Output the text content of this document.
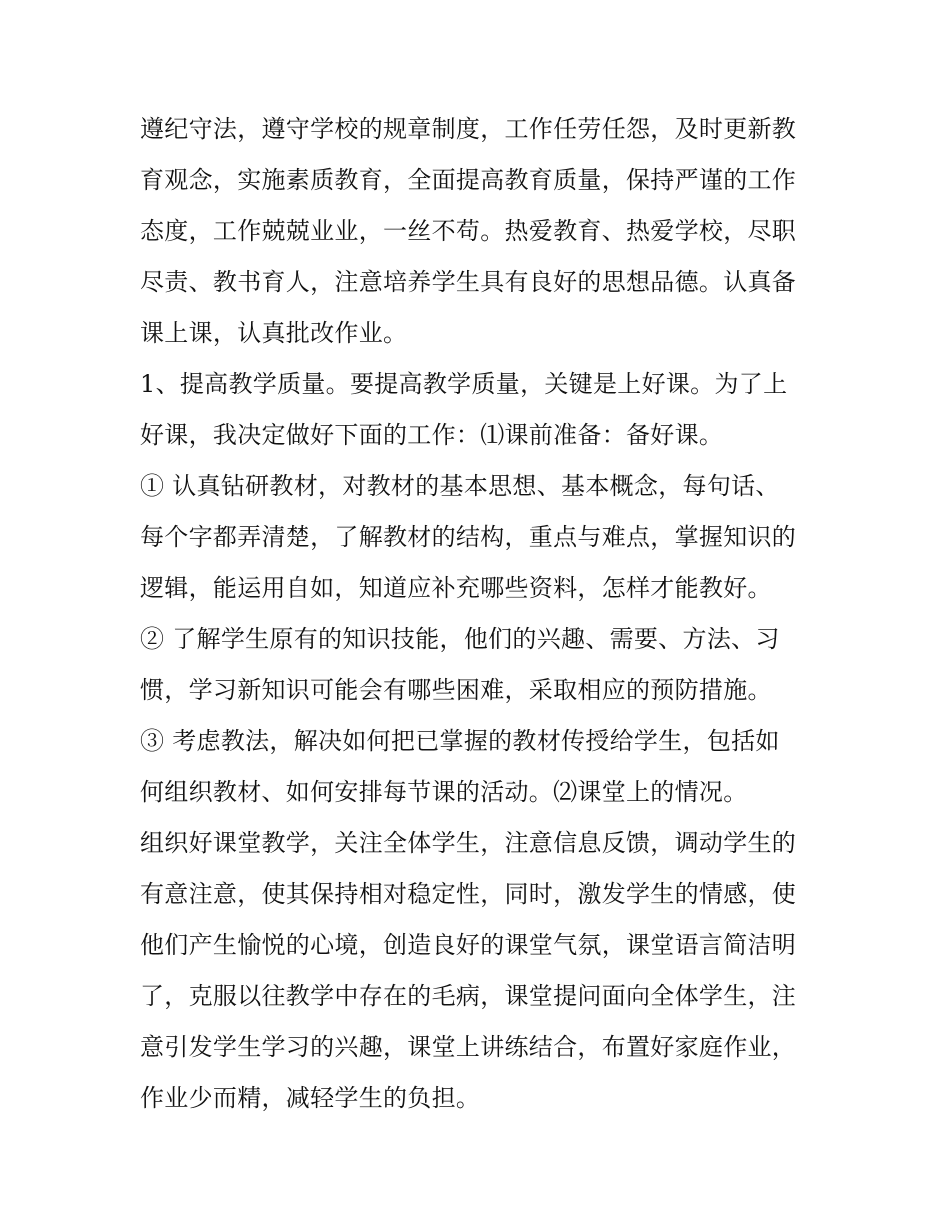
遵纪守法，遵守学校的规章制度，工作任劳任怨，及时更新教
育观念，实施素质教育，全面提高教育质量，保持严谨的工作
态度，工作兢兢业业，一丝不苟。热爱教育、热爱学校，尽职
尽责、教书育人，注意培养学生具有良好的思想品德。认真备
课上课，认真批改作业。
1、提高教学质量。要提高教学质量，关键是上好课。为了上
好课，我决定做好下面的工作：⑴课前准备：备好课。
① 认真钻研教材，对教材的基本思想、基本概念，每句话、
每个字都弄清楚，了解教材的结构，重点与难点，掌握知识的
逻辑，能运用自如，知道应补充哪些资料，怎样才能教好。
② 了解学生原有的知识技能，他们的兴趣、需要、方法、习
惯，学习新知识可能会有哪些困难，采取相应的预防措施。
③ 考虑教法，解决如何把已掌握的教材传授给学生，包括如
何组织教材、如何安排每节课的活动。⑵课堂上的情况。
组织好课堂教学，关注全体学生，注意信息反馈，调动学生的
有意注意，使其保持相对稳定性，同时，激发学生的情感，使
他们产生愉悦的心境，创造良好的课堂气氛，课堂语言简洁明
了，克服以往教学中存在的毛病，课堂提问面向全体学生，注
意引发学生学习的兴趣，课堂上讲练结合，布置好家庭作业，
作业少而精，减轻学生的负担。
